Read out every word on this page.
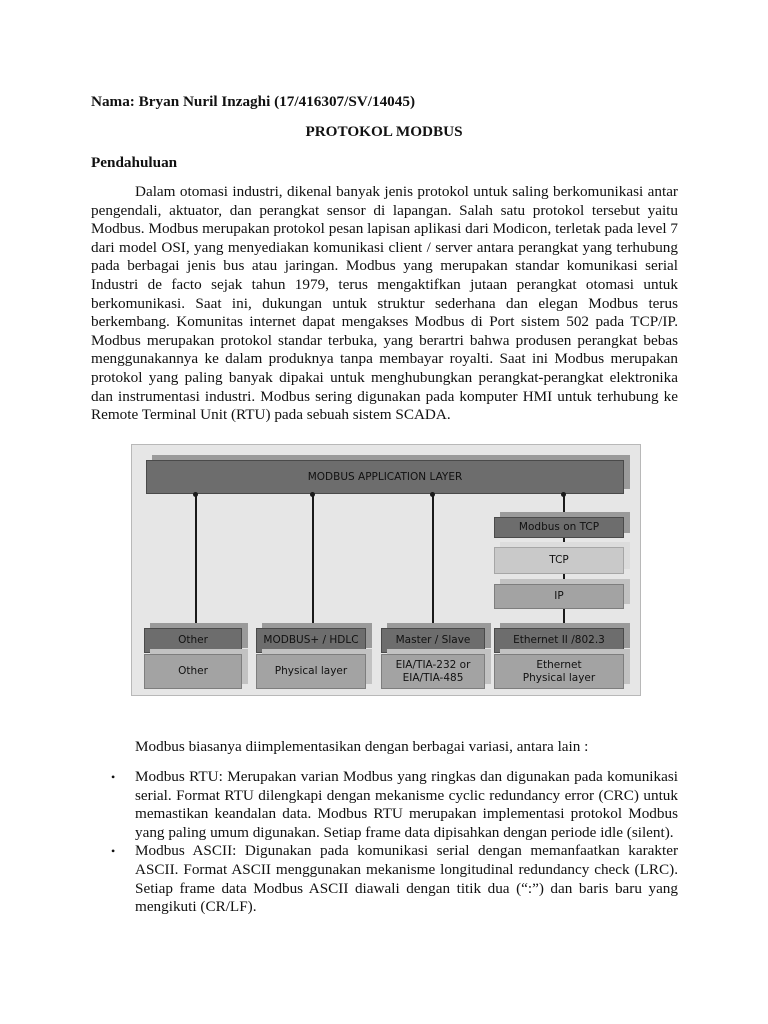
Nama: Bryan Nuril Inzaghi (17/416307/SV/14045)
PROTOKOL MODBUS
Pendahuluan

Dalam otomasi industri, dikenal banyak jenis protokol untuk saling berkomunikasi antar pengendali, aktuator, dan perangkat sensor di lapangan. Salah satu protokol tersebut yaitu Modbus. Modbus merupakan protokol pesan lapisan aplikasi dari Modicon, terletak pada level 7 dari model OSI, yang menyediakan komunikasi client / server antara perangkat yang terhubung pada berbagai jenis bus atau jaringan. Modbus yang merupakan standar komunikasi serial Industri de facto sejak tahun 1979, terus mengaktifkan jutaan perangkat otomasi untuk berkomunikasi. Saat ini, dukungan untuk struktur sederhana dan elegan Modbus terus berkembang. Komunitas internet dapat mengakses Modbus di Port sistem 502 pada TCP/IP. Modbus merupakan protokol standar terbuka, yang berartri bahwa produsen perangkat bebas menggunakannya ke dalam produknya tanpa membayar royalti. Saat ini Modbus merupakan protokol yang paling banyak dipakai untuk menghubungkan perangkat-perangkat elektronika dan instrumentasi industri. Modbus sering digunakan pada komputer HMI untuk terhubung ke Remote Terminal Unit (RTU) pada sebuah sistem SCADA.

MODBUS APPLICATION LAYER
Modbus on TCP
TCP
IP
Other	MODBUS+ / HDLC	Master / Slave	Ethernet II /802.3
Other	Physical layer
EIA/TIA-232 or
EIA/TIA-485
Ethernet
Physical layer
Modbus biasanya diimplementasikan dengan berbagai variasi, antara lain :
• Modbus RTU: Merupakan varian Modbus yang ringkas dan digunakan pada komunikasi serial. Format RTU dilengkapi dengan mekanisme cyclic redundancy error (CRC) untuk memastikan keandalan data. Modbus RTU merupakan implementasi protokol Modbus yang paling umum digunakan. Setiap frame data dipisahkan dengan periode idle (silent).
• Modbus ASCII: Digunakan pada komunikasi serial dengan memanfaatkan karakter ASCII. Format ASCII menggunakan mekanisme longitudinal redundancy check (LRC). Setiap frame data Modbus ASCII diawali dengan titik dua (“:”) dan baris baru yang mengikuti (CR/LF).
